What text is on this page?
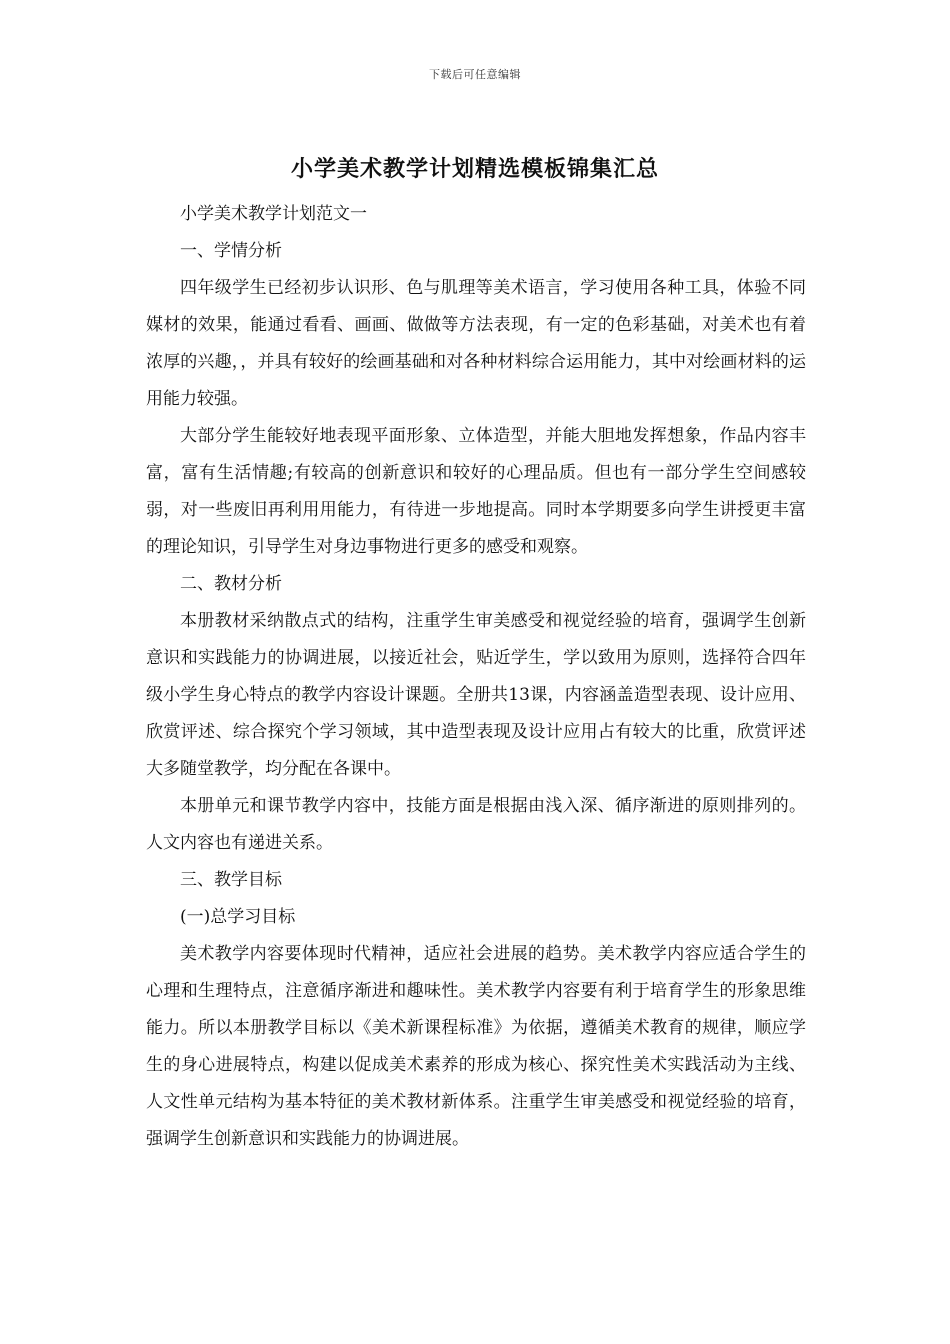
下载后可任意编辑
小学美术教学计划精选模板锦集汇总

小学美术教学计划范文一

一、学情分析

四年级学生已经初步认识形、色与肌理等美术语言，学习使用各种工具，体验不同媒材的效果，能通过看看、画画、做做等方法表现，有一定的色彩基础，对美术也有着浓厚的兴趣，，并具有较好的绘画基础和对各种材料综合运用能力，其中对绘画材料的运用能力较强。

大部分学生能较好地表现平面形象、立体造型，并能大胆地发挥想象，作品内容丰富，富有生活情趣;有较高的创新意识和较好的心理品质。但也有一部分学生空间感较弱，对一些废旧再利用用能力，有待进一步地提高。同时本学期要多向学生讲授更丰富的理论知识，引导学生对身边事物进行更多的感受和观察。

二、教材分析

本册教材采纳散点式的结构，注重学生审美感受和视觉经验的培育，强调学生创新意识和实践能力的协调进展，以接近社会，贴近学生，学以致用为原则，选择符合四年级小学生身心特点的教学内容设计课题。全册共13课，内容涵盖造型表现、设计应用、欣赏评述、综合探究个学习领域，其中造型表现及设计应用占有较大的比重，欣赏评述大多随堂教学，均分配在各课中。

本册单元和课节教学内容中，技能方面是根据由浅入深、循序渐进的原则排列的。人文内容也有递进关系。

三、教学目标

(一)总学习目标

美术教学内容要体现时代精神，适应社会进展的趋势。美术教学内容应适合学生的心理和生理特点，注意循序渐进和趣味性。美术教学内容要有利于培育学生的形象思维能力。所以本册教学目标以《美术新课程标准》为依据，遵循美术教育的规律，顺应学生的身心进展特点，构建以促成美术素养的形成为核心、探究性美术实践活动为主线、人文性单元结构为基本特征的美术教材新体系。注重学生审美感受和视觉经验的培育，强调学生创新意识和实践能力的协调进展。
